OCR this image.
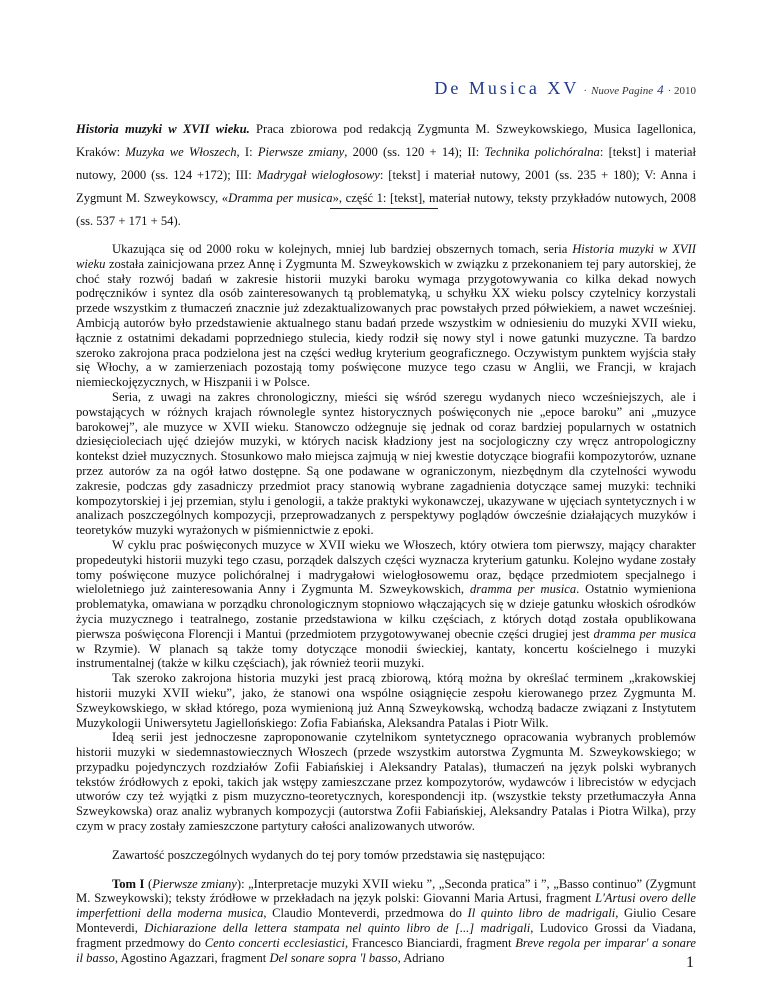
De Musica XV · Nuove Pagine 4 · 2010
Historia muzyki w XVII wieku. Praca zbiorowa pod redakcją Zygmunta M. Szweykowskiego, Musica Iagellonica, Kraków: Muzyka we Włoszech, I: Pierwsze zmiany, 2000 (ss. 120 + 14); II: Technika polichóralna: [tekst] i materiał nutowy, 2000 (ss. 124 +172); III: Madrygał wielogłosowy: [tekst] i materiał nutowy, 2001 (ss. 235 + 180); V: Anna i Zygmunt M. Szweykowscy, «Dramma per musica», część 1: [tekst], materiał nutowy, teksty przykładów nutowych, 2008 (ss. 537 + 171 + 54).

Ukazująca się od 2000 roku w kolejnych, mniej lub bardziej obszernych tomach, seria Historia muzyki w XVII wieku została zainicjowana przez Annę i Zygmunta M. Szweykowskich w związku z przekonaniem tej pary autorskiej, że choć stały rozwój badań w zakresie historii muzyki baroku wymaga przygotowywania co kilka dekad nowych podręczników i syntez dla osób zainteresowanych tą problematyką, u schyłku XX wieku polscy czytelnicy korzystali przede wszystkim z tłumaczeń znacznie już zdezaktualizowanych prac powstałych przed półwiekiem, a nawet wcześniej. Ambicją autorów było przedstawienie aktualnego stanu badań przede wszystkim w odniesieniu do muzyki XVII wieku, łącznie z ostatnimi dekadami poprzedniego stulecia, kiedy rodził się nowy styl i nowe gatunki muzyczne. Ta bardzo szeroko zakrojona praca podzielona jest na części według kryterium geograficznego. Oczywistym punktem wyjścia stały się Włochy, a w zamierzeniach pozostają tomy poświęcone muzyce tego czasu w Anglii, we Francji, w krajach niemieckojęzycznych, w Hiszpanii i w Polsce.

Seria, z uwagi na zakres chronologiczny, mieści się wśród szeregu wydanych nieco wcześniejszych, ale i powstających w różnych krajach równolegle syntez historycznych poświęconych nie „epoce baroku” ani „muzyce barokowej”, ale muzyce w XVII wieku. Stanowczo odżegnuje się jednak od coraz bardziej popularnych w ostatnich dziesięcioleciach ujęć dziejów muzyki, w których nacisk kładziony jest na socjologiczny czy wręcz antropologiczny kontekst dzieł muzycznych. Stosunkowo mało miejsca zajmują w niej kwestie dotyczące biografii kompozytorów, uznane przez autorów za na ogół łatwo dostępne. Są one podawane w ograniczonym, niezbędnym dla czytelności wywodu zakresie, podczas gdy zasadniczy przedmiot pracy stanowią wybrane zagadnienia dotyczące samej muzyki: techniki kompozytorskiej i jej przemian, stylu i genologii, a także praktyki wykonawczej, ukazywane w ujęciach syntetycznych i w analizach poszczególnych kompozycji, przeprowadzanych z perspektywy poglądów ówcześnie działających muzyków i teoretyków muzyki wyrażonych w piśmiennictwie z epoki.

W cyklu prac poświęconych muzyce w XVII wieku we Włoszech, który otwiera tom pierwszy, mający charakter propedeutyki historii muzyki tego czasu, porządek dalszych części wyznacza kryterium gatunku. Kolejno wydane zostały tomy poświęcone muzyce polichóralnej i madrygałowi wielogłosowemu oraz, będące przedmiotem specjalnego i wieloletniego już zainteresowania Anny i Zygmunta M. Szweykowskich, dramma per musica. Ostatnio wymieniona problematyka, omawiana w porządku chronologicznym stopniowo włączających się w dzieje gatunku włoskich ośrodków życia muzycznego i teatralnego, zostanie przedstawiona w kilku częściach, z których dotąd została opublikowana pierwsza poświęcona Florencji i Mantui (przedmiotem przygotowywanej obecnie części drugiej jest dramma per musica w Rzymie). W planach są także tomy dotyczące monodii świeckiej, kantaty, koncertu kościelnego i muzyki instrumentalnej (także w kilku częściach), jak również teorii muzyki.

Tak szeroko zakrojona historia muzyki jest pracą zbiorową, którą można by określać terminem „krakowskiej historii muzyki XVII wieku”, jako, że stanowi ona wspólne osiągnięcie zespołu kierowanego przez Zygmunta M. Szweykowskiego, w skład którego, poza wymienioną już Anną Szweykowską, wchodzą badacze związani z Instytutem Muzykologii Uniwersytetu Jagiellońskiego: Zofia Fabiańska, Aleksandra Patalas i Piotr Wilk.

Ideą serii jest jednoczesne zaproponowanie czytelnikom syntetycznego opracowania wybranych problemów historii muzyki w siedemnastowiecznych Włoszech (przede wszystkim autorstwa Zygmunta M. Szweykowskiego; w przypadku pojedynczych rozdziałów Zofii Fabiańskiej i Aleksandry Patalas), tłumaczeń na język polski wybranych tekstów źródłowych z epoki, takich jak wstępy zamieszczane przez kompozytorów, wydawców i librecistów w edycjach utworów czy też wyjątki z pism muzyczno-teoretycznych, korespondencji itp. (wszystkie teksty przetłumaczyła Anna Szweykowska) oraz analiz wybranych kompozycji (autorstwa Zofii Fabiańskiej, Aleksandry Patalas i Piotra Wilka), przy czym w pracy zostały zamieszczone partytury całości analizowanych utworów.

Zawartość poszczególnych wydanych do tej pory tomów przedstawia się następująco:

Tom I (Pierwsze zmiany): „Interpretacje muzyki XVII wieku ”, „Seconda pratica” i ”, „Basso continuo” (Zygmunt M. Szweykowski); teksty źródłowe w przekładach na język polski: Giovanni Maria Artusi, fragment L'Artusi overo delle imperfettioni della moderna musica, Claudio Monteverdi, przedmowa do Il quinto libro de madrigali, Giulio Cesare Monteverdi, Dichiarazione della lettera stampata nel quinto libro de [...] madrigali, Ludovico Grossi da Viadana, fragment przedmowy do Cento concerti ecclesiastici, Francesco Bianciardi, fragment Breve regola per imparar' a sonare il basso, Agostino Agazzari, fragment Del sonare sopra 'l basso, Adriano	1
